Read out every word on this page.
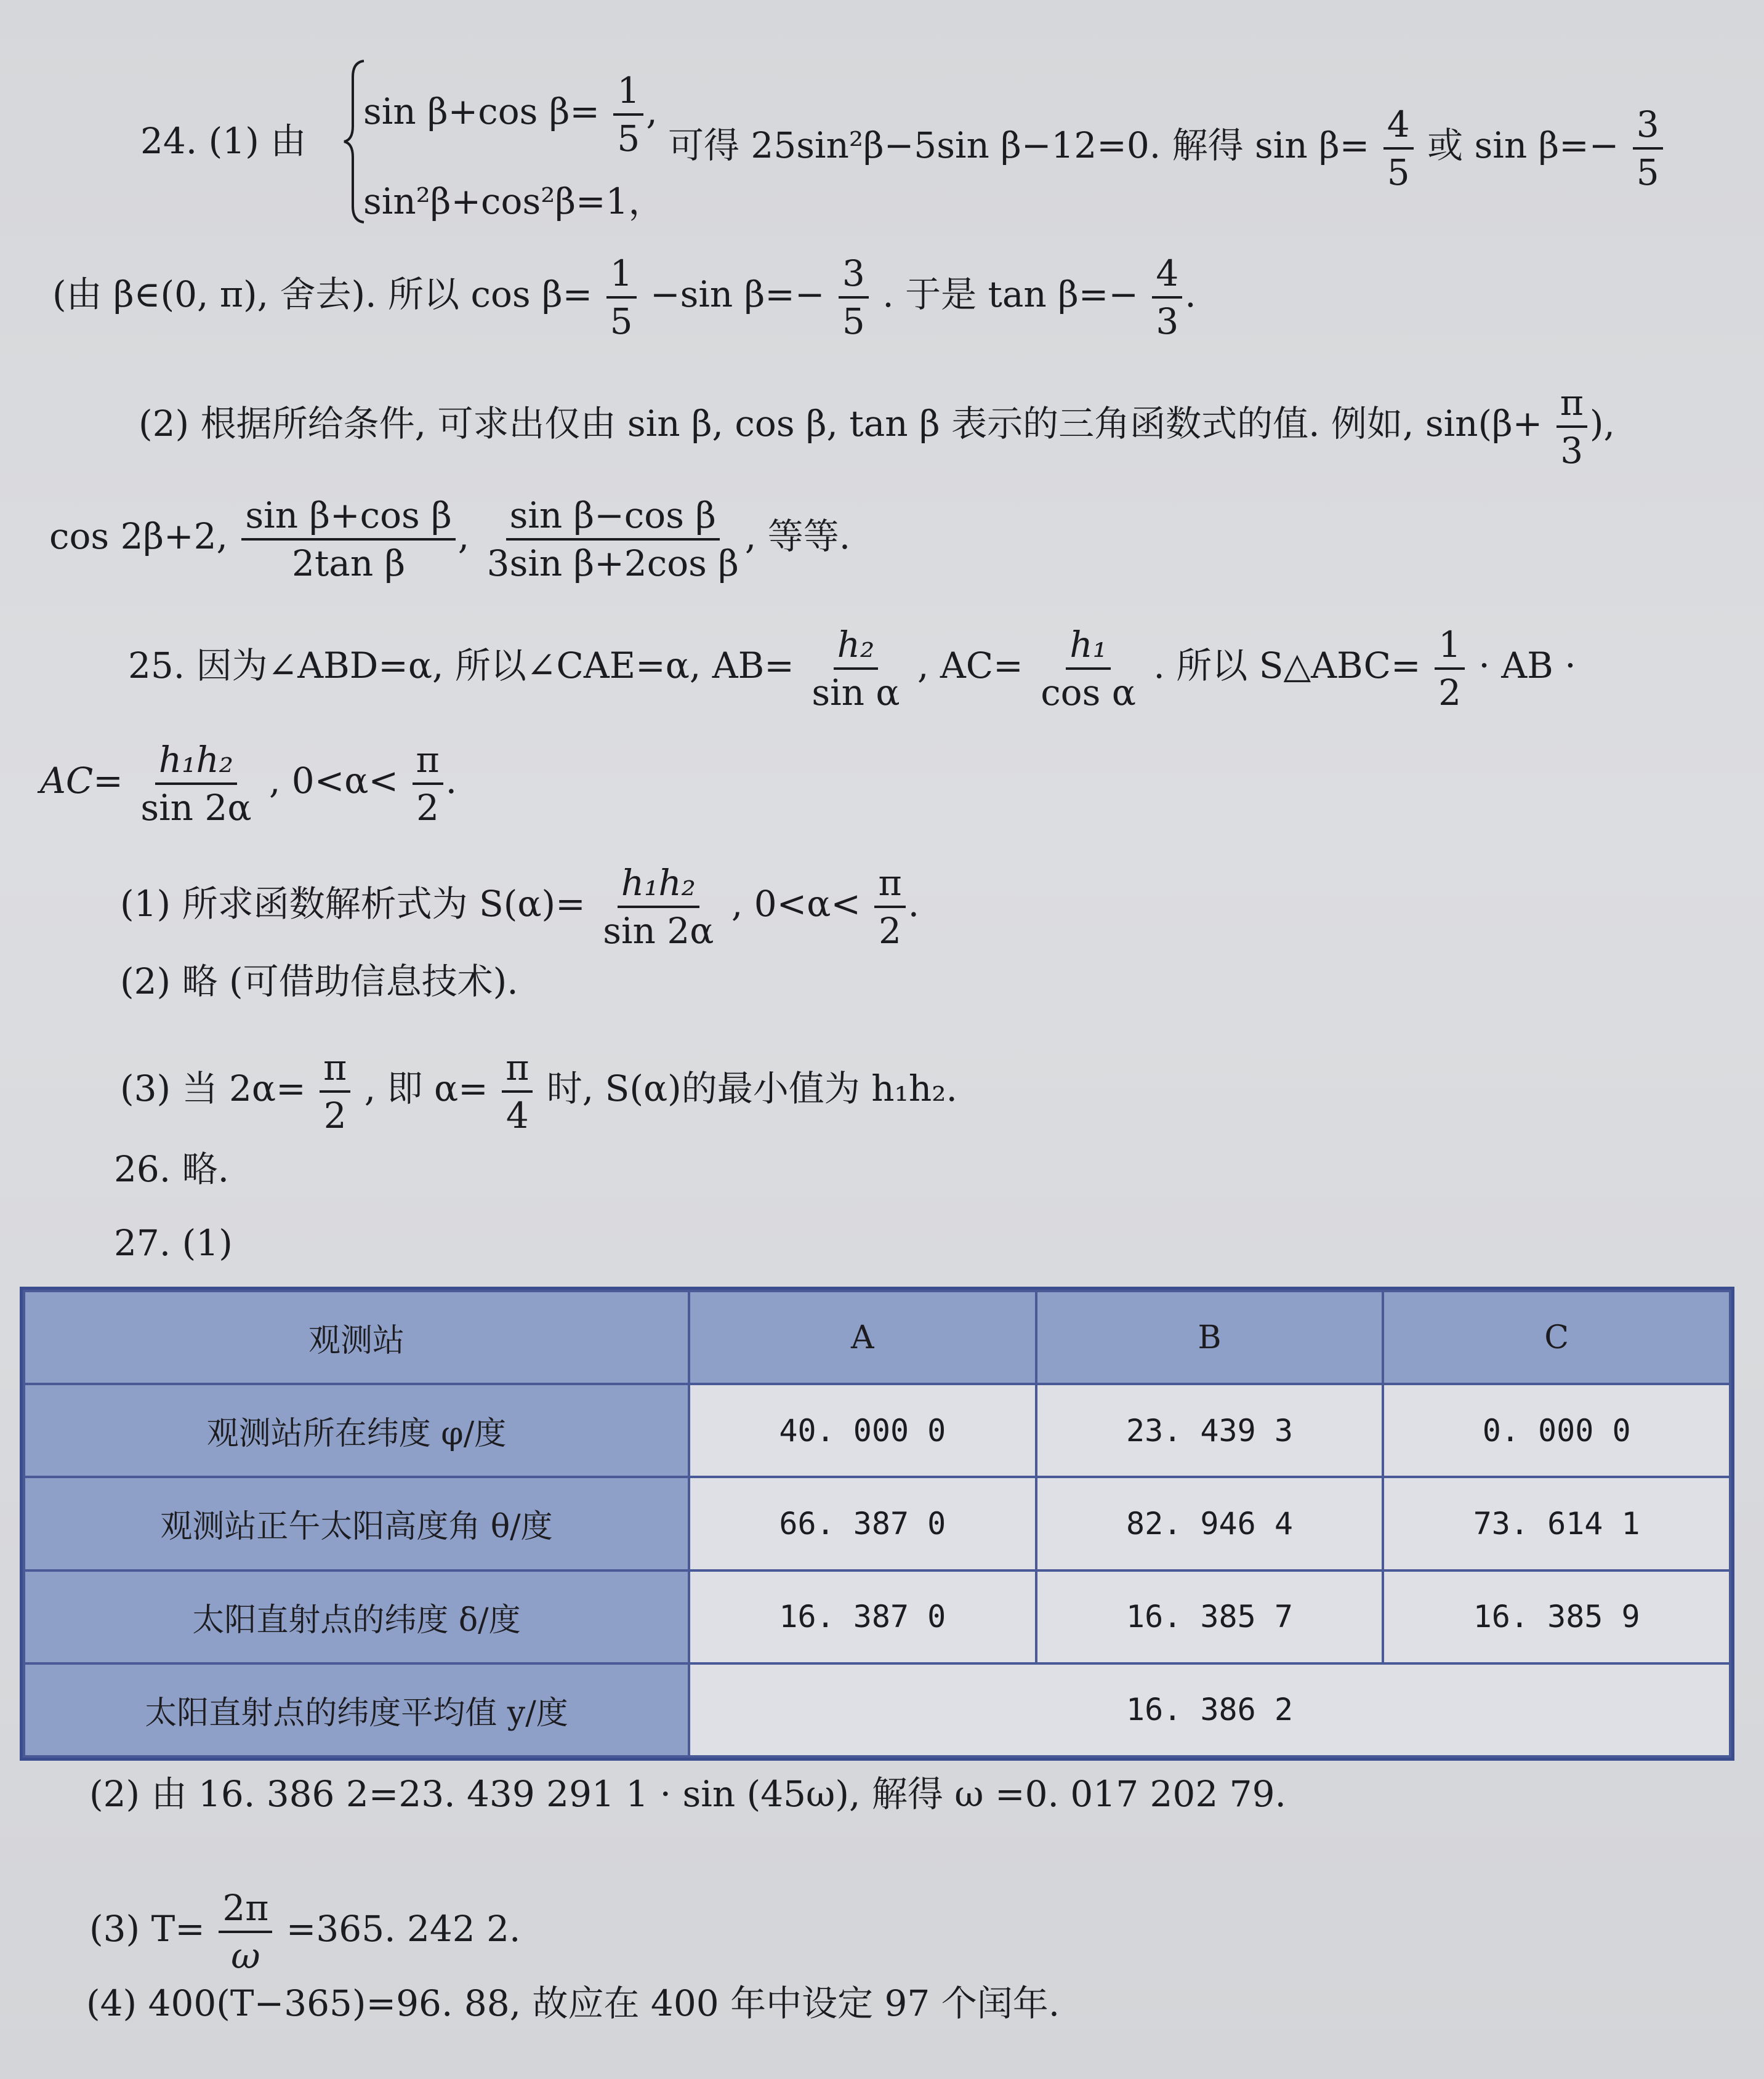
24. (1) 由
sin β+cos $\beta= \frac{1}{5}$ ,
sin²β+cos²β=1，
可得 25sin²β−5sin β−12=0. 解得 $\sin \beta= \frac{4}{5}$ 或 $\sin \beta=- \frac{3}{5}$
(由 β∈(0, π), 舍去). 所以 $\cos \beta= \frac{1}{5} -\sin$ $\beta=- \frac{3}{5}$ . 于是 $\tan \beta=- \frac{4}{3}$ .
(2) 根据所给条件, 可求出仅由 sin β, cos β, tan β 表示的三角函数式的值. 例如, $\sin(\beta+ \frac{\pi}{3}$ ),
cos 2β+2, $\frac{\text{sin β+cos β}}{\text{2tan β}}$ , $\frac{\text{sin β−cos β}}{\text{3sin β+2cos β}}$ , 等等.
25. 因为∠ABD=α, 所以∠CAE=α, $AB= \frac{\text{h₂}}{\text{sin α}}$ , $AC= \frac{\text{h₁}}{\text{cos α}}$ . 所以 S△ABC= $\frac{1}{2}$ · AB ·
$AC= \frac{\text{h₁h₂}}{\sin 2\alpha}$ , $0<\alpha< \frac{\pi}{2}$ .
(1) 所求函数解析式为 $S(\alpha)= \frac{\text{h₁h₂}}{\sin 2\alpha}$ , $0<\alpha< \frac{\pi}{2}$ .
(2) 略 (可借助信息技术).
(3) 当 $2\alpha= \frac{\pi}{2}$ , 即 $\alpha= \frac{\pi}{4}$ 时, S(α)的最小值为 h₁h₂.
26. 略.
27. (1)
观测站	A	B	C
观测站所在纬度 φ/度	40. 000 0	23. 439 3	0. 000 0
观测站正午太阳高度角 θ/度	66. 387 0	82. 946 4	73. 614 1
太阳直射点的纬度 δ/度	16. 387 0	16. 385 7	16. 385 9
太阳直射点的纬度平均值 y/度	16. 386 2		
(2) 由 16. 386 2=23. 439 291 1 · sin (45ω), 解得 ω =0. 017 202 79.
(3) $T= \frac{2\pi}{\omega} =365$. 242 2.
(4) 400(T−365)=96. 88, 故应在 400 年中设定 97 个闰年.
